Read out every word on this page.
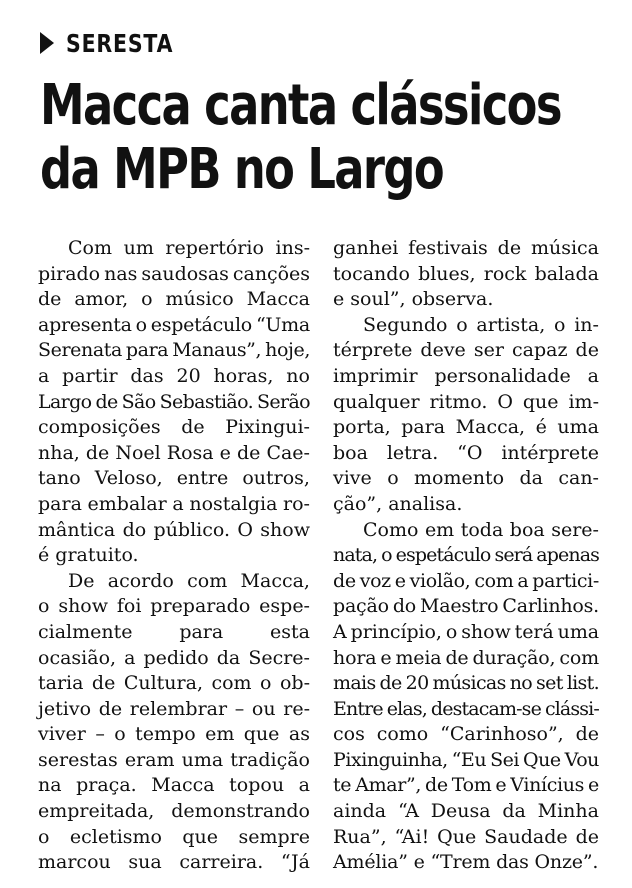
SERESTA
Macca canta clássicos
da MPB no Largo
Com um repertório ins-
pirado nas saudosas canções
de amor, o músico Macca
apresenta o espetáculo “Uma
Serenata para Manaus”, hoje,
a partir das 20 horas, no
Largo de São Sebastião. Serão
composições de Pixingui-
nha, de Noel Rosa e de Cae-
tano Veloso, entre outros,
para embalar a nostalgia ro-
mântica do público. O show
é gratuito.
De acordo com Macca,
o show foi preparado espe-
cialmente para esta
ocasião, a pedido da Secre-
taria de Cultura, com o ob-
jetivo de relembrar – ou re-
viver – o tempo em que as
serestas eram uma tradição
na praça. Macca topou a
empreitada, demonstrando
o ecletismo que sempre
marcou sua carreira. “Já
ganhei festivais de música
tocando blues, rock balada
e soul”, observa.
Segundo o artista, o in-
térprete deve ser capaz de
imprimir personalidade a
qualquer ritmo. O que im-
porta, para Macca, é uma
boa letra. “O intérprete
vive o momento da can-
ção”, analisa.
Como em toda boa sere-
nata, o espetáculo será apenas
de voz e violão, com a partici-
pação do Maestro Carlinhos.
A princípio, o show terá uma
hora e meia de duração, com
mais de 20 músicas no set list.
Entre elas, destacam-se clássi-
cos como “Carinhoso”, de
Pixinguinha, “Eu Sei Que Vou
te Amar”, de Tom e Vinícius e
ainda “A Deusa da Minha
Rua”, “Ai! Que Saudade de
Amélia” e “Trem das Onze”.
